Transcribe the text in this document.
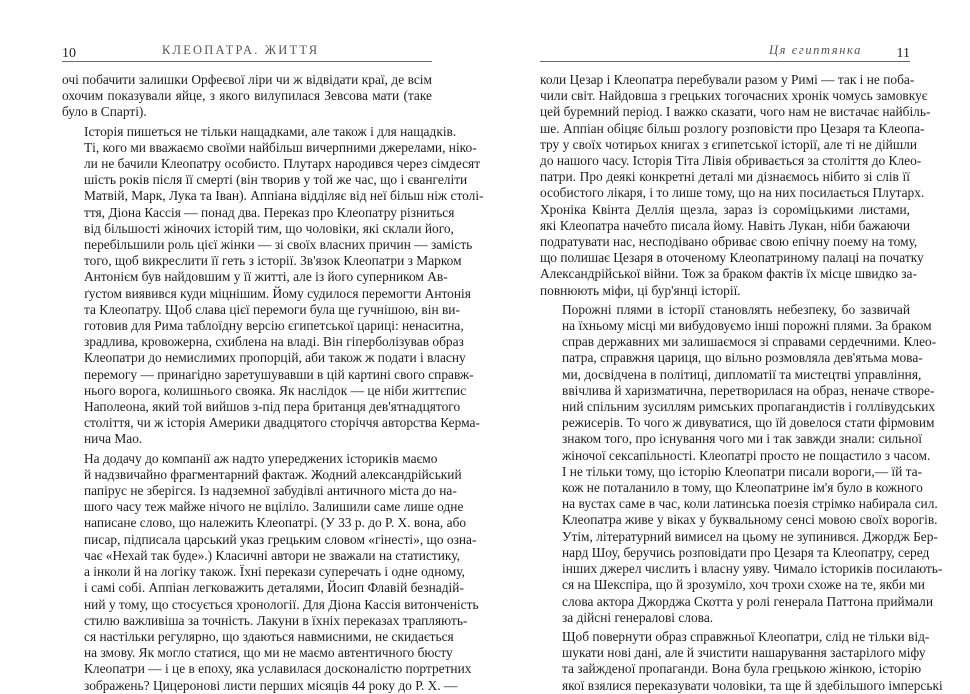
10	КЛЕОПАТРА. ЖИТТЯ

очі побачити залишки Орфеєвої ліри чи ж відвідати краї, де всім
охочим показували яйце, з якого вилупилася Зевсова мати (таке
було в Спарті).

Історія пишеться не тільки нащадками, але також і для нащадків.
Ті, кого ми вважаємо своїми найбільш вичерпними джерелами, ніко-
ли не бачили Клеопатру особисто. Плутарх народився через сімдесят
шість років після її смерті (він творив у той же час, що і євангеліти
Матвій, Марк, Лука та Іван). Аппіана відділяє від неї більш ніж столі-
ття, Діона Кассія — понад два. Переказ про Клеопатру різниться
від більшості жіночих історій тим, що чоловіки, які склали його,
перебільшили роль цієї жінки — зі своїх власних причин — замість
того, щоб викреслити її геть з історії. Зв'язок Клеопатри з Марком
Антонієм був найдовшим у її житті, але із його суперником Ав-
ґустом виявився куди міцнішим. Йому судилося перемогти Антонія
та Клеопатру. Щоб слава цієї перемоги була ще гучнішою, він ви-
готовив для Рима таблоїдну версію єгипетської цариці: ненаситна,
зрадлива, кровожерна, схиблена на владі. Він гіперболізував образ
Клеопатри до немислимих пропорцій, аби також ж подати і власну
перемогу — принагідно заретушувавши в цій картині свого справж-
нього ворога, колишнього свояка. Як наслідок — це ніби життєпис
Наполеона, який той вийшов з-під пера британця дев'ятнадцятого
століття, чи ж історія Америки двадцятого сторіччя авторства Керма-
нича Мао.

На додачу до компанії аж надто упереджених істориків маємо
й надзвичайно фрагментарний фактаж. Жодний александрійський
папірус не зберігся. Із надземної забудівлі античного міста до на-
шого часу теж майже нічого не вціліло. Залишили саме лише одне
написане слово, що належить Клеопатрі. (У 33 р. до Р. Х. вона, або
писар, підписала царський указ грецьким словом «гінесті», що озна-
чає «Нехай так буде».) Класичні автори не зважали на статистику,
а інколи й на логіку також. Їхні перекази суперечать і одне одному,
і самі собі. Аппіан легковажить деталями, Йосип Флавій безнадій-
ний у тому, що стосується хронології. Для Діона Кассія витонченість
стилю важливіша за точність. Лакуни в їхніх переказах трапляють-
ся настільки регулярно, що здаються навмисними, не скидається
на змову. Як могло статися, що ми не маємо автентичного бюсту
Клеопатри — і це в епоху, яка уславилася досконалістю портретних
зображень? Цицеронові листи перших місяців 44 року до Р. Х. —

Ця єгиптянка 11

коли Цезар і Клеопатра перебували разом у Римі — так і не поба-
чили світ. Найдовша з грецьких тогочасних хронік чомусь замовкує
цей буремний період. І важко сказати, чого нам не вистачає найбіль-
ше. Аппіан обіцяє більш розлогу розповісти про Цезаря та Клеопа-
тру у своїх чотирьох книгах з єгипетської історії, але ті не дійшли
до нашого часу. Історія Тіта Лівія обривається за століття до Клео-
патри. Про деякі конкретні деталі ми дізнаємось нібито зі слів її
особистого лікаря, і то лише тому, що на них посилається Плутарх.
Хроніка Квінта Деллія щезла, зараз із сороміцькими листами,
які Клеопатра начебто писала йому. Навіть Лукан, ніби бажаючи
подратувати нас, несподівано обриває свою епічну поему на тому,
що полишає Цезаря в оточеному Клеопатриному палаці на початку
Александрійської війни. Тож за браком фактів їх місце швидко за-
повнюють міфи, ці бур'янці історії.

Порожні плями в історії становлять небезпеку, бо зазвичай
на їхньому місці ми вибудовуємо інші порожні плями. За браком
справ державних ми залишаємося зі справами сердечними. Клео-
патра, справжня цариця, що вільно розмовляла дев'ятьма мова-
ми, досвідчена в політиці, дипломатії та мистецтві управління,
ввічлива й харизматична, перетворилася на образ, неначе створе-
ний спільним зусиллям римських пропагандистів і голлівудських
режисерів. То чого ж дивуватися, що їй довелося стати фірмовим
знаком того, про існування чого ми і так завжди знали: сильної
жіночої сексапільності. Клеопатрі просто не пощастило з часом.
І не тільки тому, що історію Клеопатри писали вороги,— їй та-
кож не поталанило в тому, що Клеопатрине ім'я було в кожного
на вустах саме в час, коли латинська поезія стрімко набирала сил.
Клеопатра живе у віках у буквальному сенсі мовою своїх ворогів.
Утім, літературний вимисел на цьому не зупинився. Джордж Бер-
нард Шоу, беручись розповідати про Цезаря та Клеопатру, серед
інших джерел числить і власну уяву. Чимало істориків посилають-
ся на Шекспіра, що й зрозуміло, хоч трохи схоже на те, якби ми
слова актора Джорджа Скотта у ролі генерала Паттона приймали
за дійсні генералові слова.

Щоб повернути образ справжньої Клеопатри, слід не тільки від-
шукати нові дані, але й зчистити нашарування застарілого міфу
та зайжденої пропаганди. Вона була грецькою жінкою, історію
якої взялися переказувати чоловіки, та ще й здебільшого імперські
